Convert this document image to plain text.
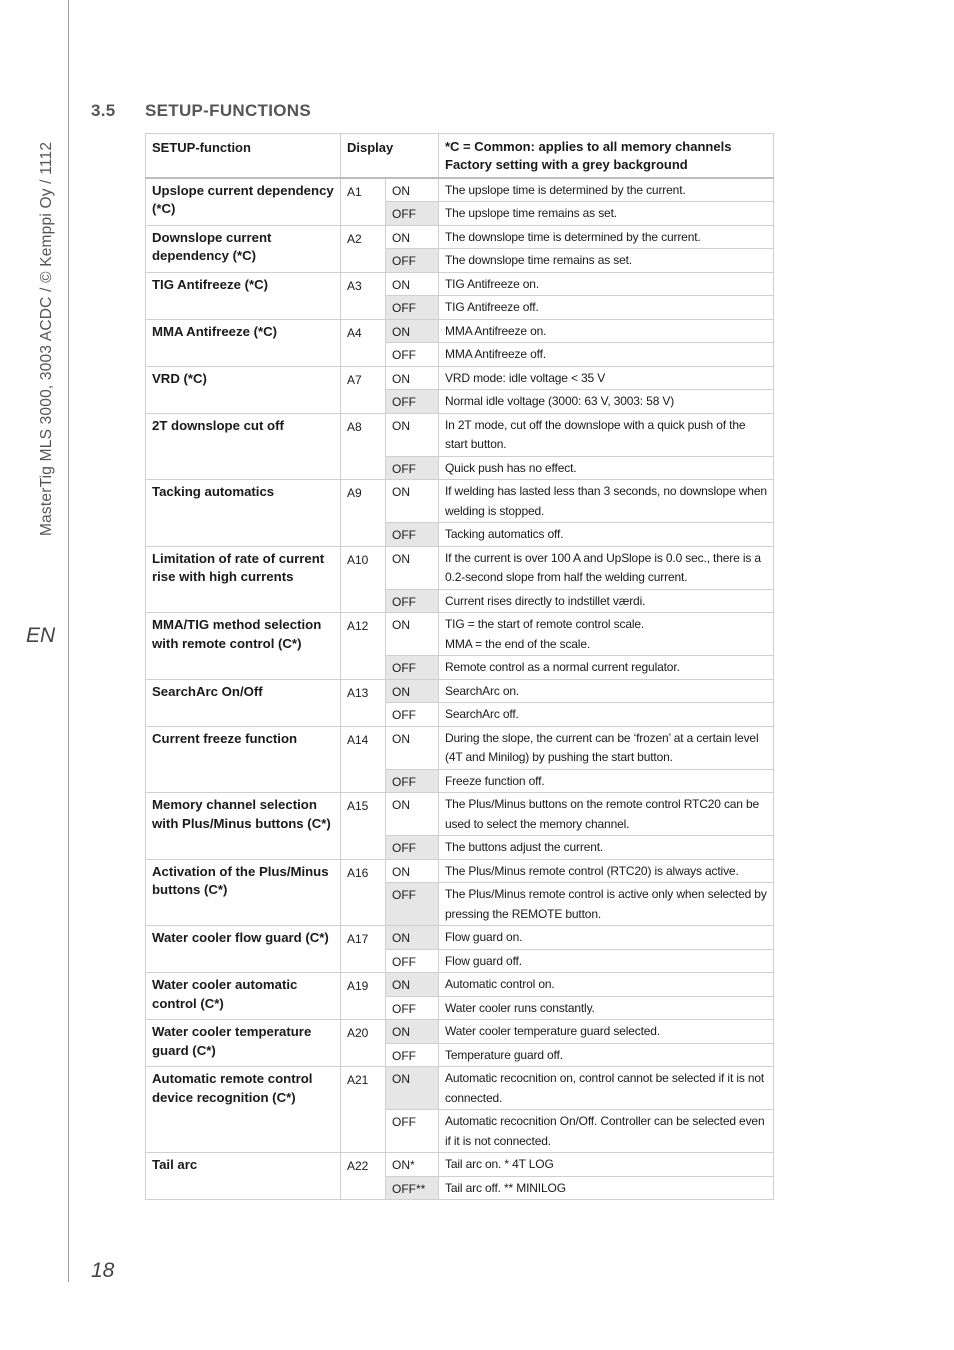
MasterTig MLS 3000, 3003 ACDC / © Kemppi Oy / 1112
EN
18
3.5 SETUP-FUNCTIONS
SETUP-function	Display		*C = Common: applies to all memory channels
Factory setting with a grey background

Upslope current dependency (*C)	A1	ON	The upslope time is determined by the current.
		OFF	The upslope time remains as set.
Downslope current dependency (*C)	A2	ON	The downslope time is determined by the current.
		OFF	The downslope time remains as set.
TIG Antifreeze (*C)	A3	ON	TIG Antifreeze on.
		OFF	TIG Antifreeze off.
MMA Antifreeze (*C)	A4	ON	MMA Antifreeze on.
		OFF	MMA Antifreeze off.
VRD (*C)	A7	ON	VRD mode: idle voltage < 35 V
		OFF	Normal idle voltage (3000: 63 V, 3003: 58 V)
2T downslope cut off	A8	ON	In 2T mode, cut off the downslope with a quick push of the start button.
		OFF	Quick push has no effect.
Tacking automatics	A9	ON	If welding has lasted less than 3 seconds, no downslope when welding is stopped.
		OFF	Tacking automatics off.
Limitation of rate of current rise with high currents	A10	ON	If the current is over 100 A and UpSlope is 0.0 sec., there is a 0.2-second slope from half the welding current.
		OFF	Current rises directly to indstillet værdi.
MMA/TIG method selection with remote control (C*)	A12	ON	TIG = the start of remote control scale.
MMA = the end of the scale.
		OFF	Remote control as a normal current regulator.
SearchArc On/Off	A13	ON	SearchArc on.
		OFF	SearchArc off.
Current freeze function	A14	ON	During the slope, the current can be ‘frozen’ at a certain level (4T and Minilog) by pushing the start button.
		OFF	Freeze function off.
Memory channel selection with Plus/Minus buttons (C*)	A15	ON	The Plus/Minus buttons on the remote control RTC20 can be used to select the memory channel.
		OFF	The buttons adjust the current.
Activation of the Plus/Minus buttons (C*)	A16	ON	The Plus/Minus remote control (RTC20) is always active.
		OFF	The Plus/Minus remote control is active only when selected by pressing the REMOTE button.
Water cooler flow guard (C*)	A17	ON	Flow guard on.
		OFF	Flow guard off.
Water cooler automatic control (C*)	A19	ON	Automatic control on.
		OFF	Water cooler runs constantly.
Water cooler temperature guard (C*)	A20	ON	Water cooler temperature guard selected.
		OFF	Temperature guard off.
Automatic remote control device recognition (C*)	A21	ON	Automatic recocnition on, control cannot be selected if it is not connected.
		OFF	Automatic recocnition On/Off. Controller can be selected even if it is not connected.
Tail arc	A22	ON*	Tail arc on. * 4T LOG
		OFF**	Tail arc off. ** MINILOG
